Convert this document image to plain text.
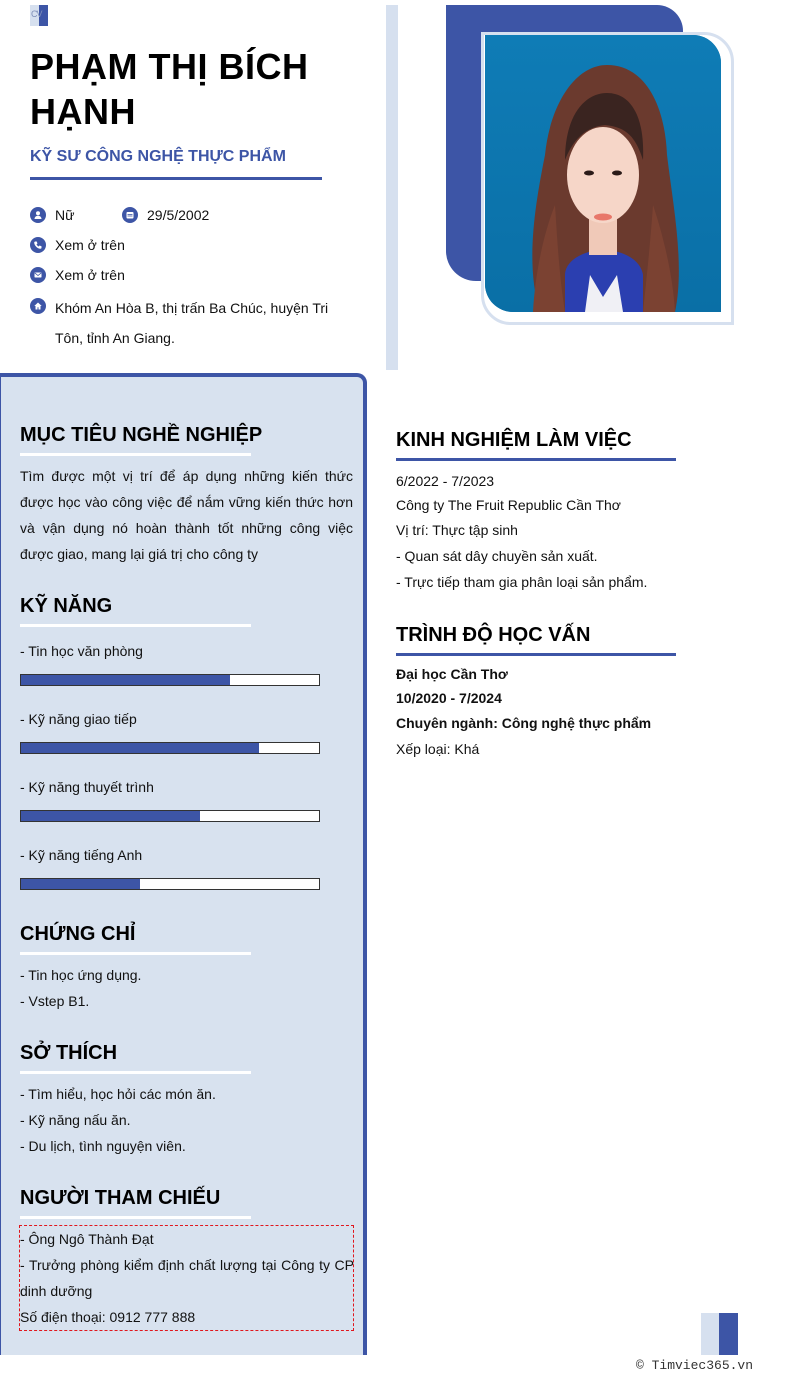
CV
PHẠM THỊ BÍCH HẠNH
KỸ SƯ CÔNG NGHỆ THỰC PHẨM
Nữ	29/5/2002
Xem ở trên
Xem ở trên
Khóm An Hòa B, thị trấn Ba Chúc, huyện Tri Tôn, tỉnh An Giang.
MỤC TIÊU NGHỀ NGHIỆP
Tìm được một vị trí để áp dụng những kiến thức được học vào công việc để nắm vững kiến thức hơn và vận dụng nó hoàn thành tốt những công việc được giao, mang lại giá trị cho công ty
KỸ NĂNG
- Tin học văn phòng
- Kỹ năng giao tiếp
- Kỹ năng thuyết trình
- Kỹ năng tiếng Anh
CHỨNG CHỈ
- Tin học ứng dụng.
- Vstep B1.
SỞ THÍCH
- Tìm hiểu, học hỏi các món ăn.
- Kỹ năng nấu ăn.
- Du lịch, tình nguyện viên.
NGƯỜI THAM CHIẾU
- Ông Ngô Thành Đạt
- Trưởng phòng kiểm định chất lượng tại Công ty CP dinh dưỡng
Số điện thoại: 0912 777 888
KINH NGHIỆM LÀM VIỆC
6/2022 - 7/2023
Công ty The Fruit Republic Cần Thơ
Vị trí: Thực tập sinh
- Quan sát dây chuyền sản xuất.
- Trực tiếp tham gia phân loại sản phẩm.
TRÌNH ĐỘ HỌC VẤN
Đại học Cần Thơ
10/2020 - 7/2024
Chuyên ngành: Công nghệ thực phẩm
Xếp loại: Khá
© Timviec365.vn
